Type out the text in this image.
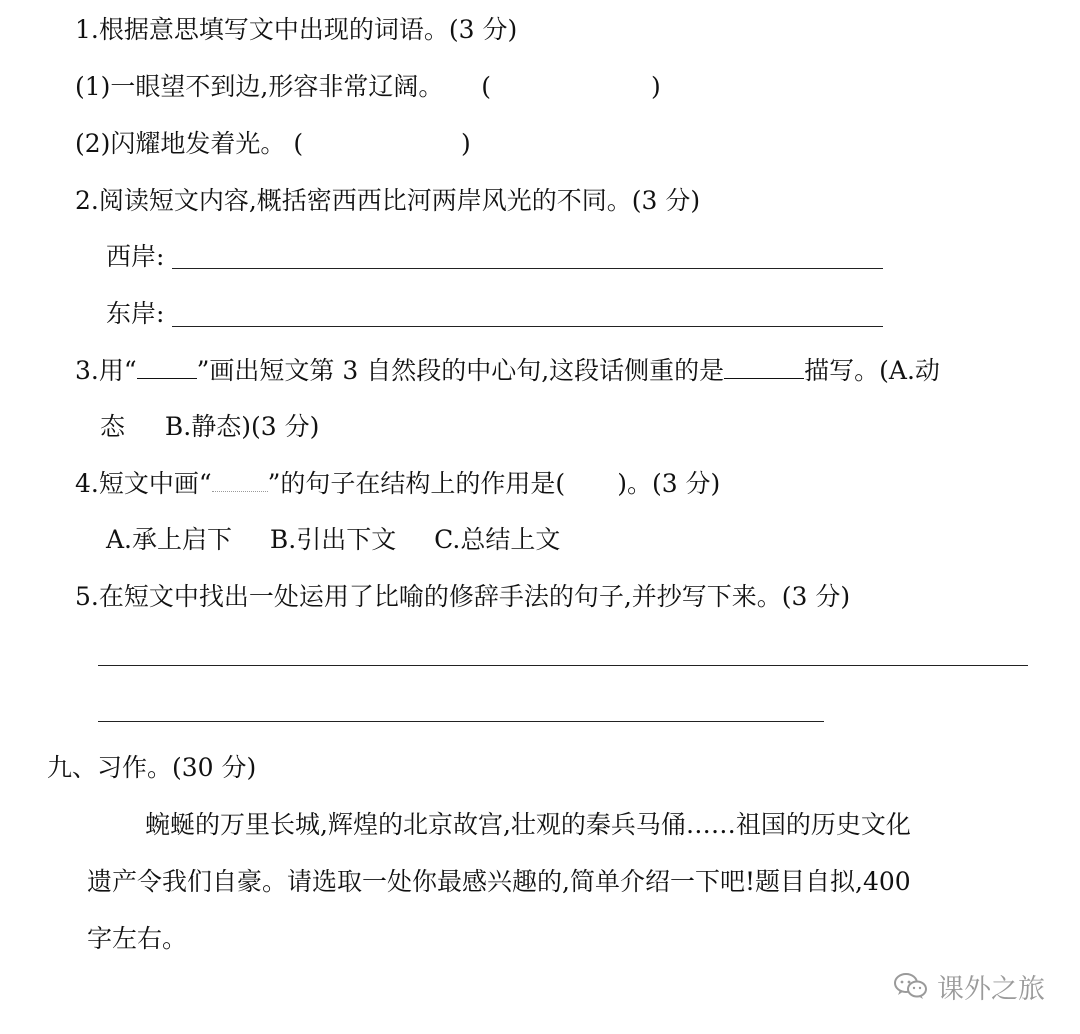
1.根据意思填写文中出现的词语。(3 分)
(1)一眼望不到边,形容非常辽阔。 (	)
(2)闪耀地发着光。 (	)
2.阅读短文内容,概括密西西比河两岸风光的不同。(3 分)
西岸:
东岸:
3.用“ ”画出短文第 3 自然段的中心句,这段话侧重的是	描写。(A.动
态 B.静态)(3 分)
4.短文中画“ ”的句子在结构上的作用是( )。(3 分)
A.承上启下 B.引出下文 C.总结上文
5.在短文中找出一处运用了比喻的修辞手法的句子,并抄写下来。(3 分)
九、习作。(30 分)
蜿蜒的万里长城,辉煌的北京故宫,壮观的秦兵马俑……祖国的历史文化
遗产令我们自豪。请选取一处你最感兴趣的,简单介绍一下吧!题目自拟,400
字左右。
课外之旅
